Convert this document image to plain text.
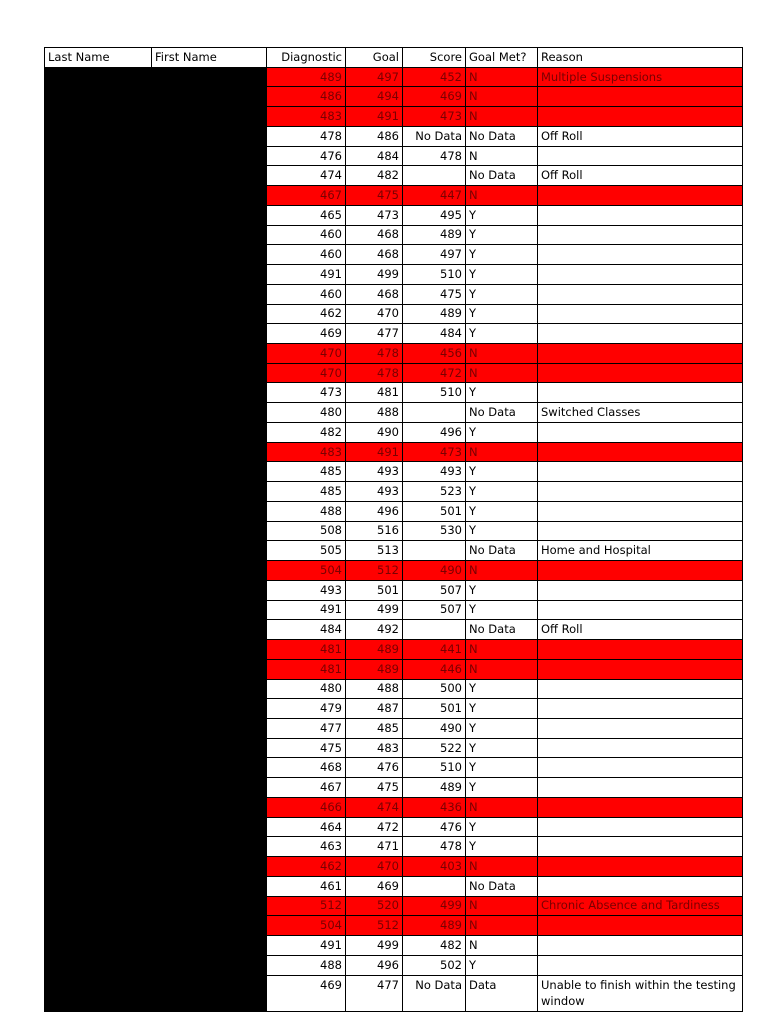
Last Name	First Name	Diagnostic	Goal	Score	Goal Met?	Reason
		489	497	452	N	Multiple Suspensions
		486	494	469	N	
		483	491	473	N	
		478	486	No Data	No Data	Off Roll
		476	484	478	N	
		474	482		No Data	Off Roll
		467	475	447	N	
		465	473	495	Y	
		460	468	489	Y	
		460	468	497	Y	
		491	499	510	Y	
		460	468	475	Y	
		462	470	489	Y	
		469	477	484	Y	
		470	478	456	N	
		470	478	472	N	
		473	481	510	Y	
		480	488		No Data	Switched Classes
		482	490	496	Y	
		483	491	473	N	
		485	493	493	Y	
		485	493	523	Y	
		488	496	501	Y	
		508	516	530	Y	
		505	513		No Data	Home and Hospital
		504	512	490	N	
		493	501	507	Y	
		491	499	507	Y	
		484	492		No Data	Off Roll
		481	489	441	N	
		481	489	446	N	
		480	488	500	Y	
		479	487	501	Y	
		477	485	490	Y	
		475	483	522	Y	
		468	476	510	Y	
		467	475	489	Y	
		466	474	436	N	
		464	472	476	Y	
		463	471	478	Y	
		462	470	403	N	
		461	469		No Data	
		512	520	499	N	Chronic Absence and Tardiness
		504	512	489	N	
		491	499	482	N	
		488	496	502	Y	
		469	477	No Data	Data	Unable to finish within the testing window
